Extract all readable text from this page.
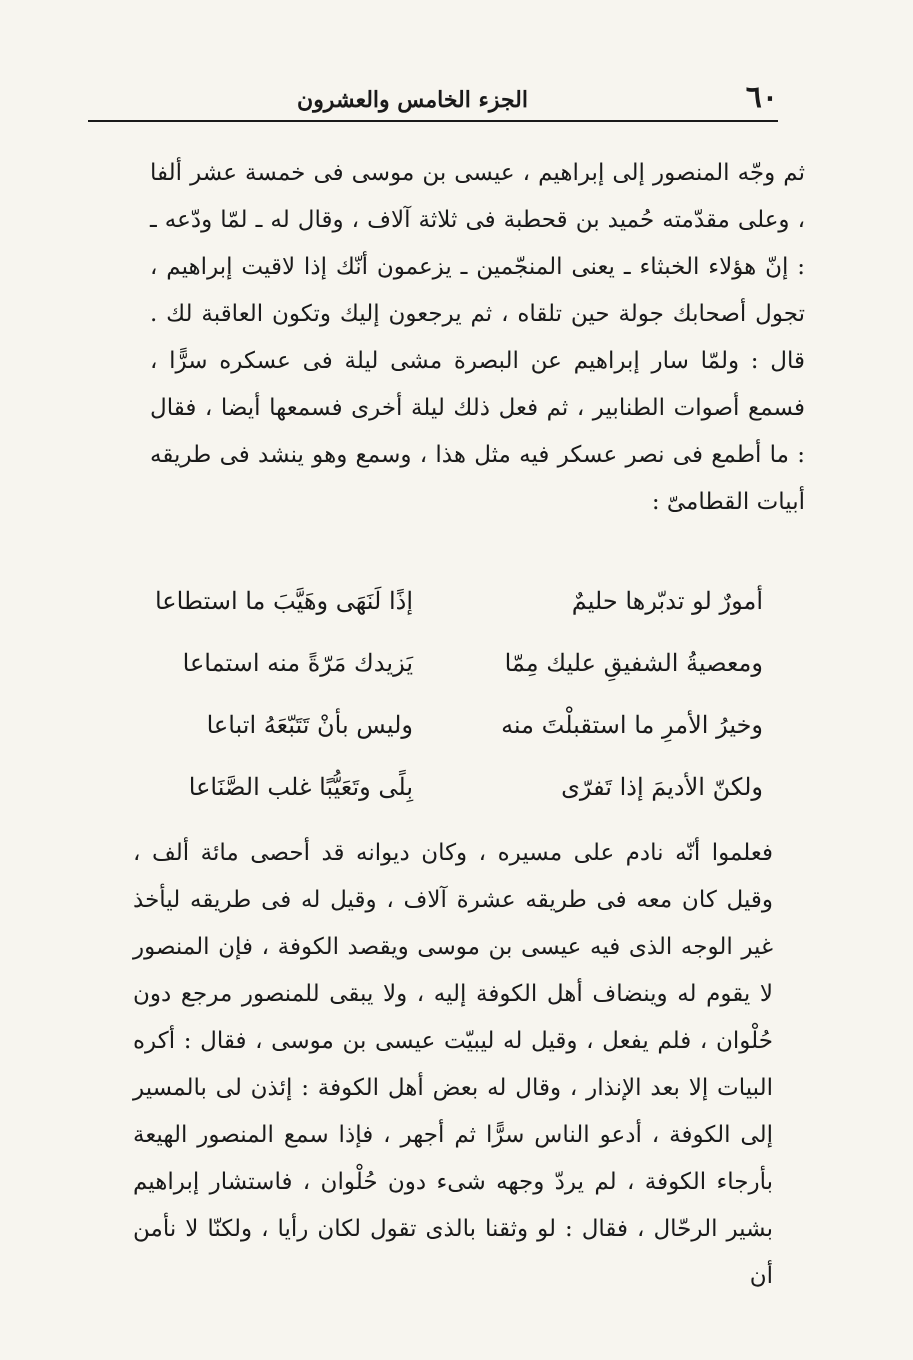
٦٠
الجزء الخامس والعشرون

ثم وجّه المنصور إلى إبراهيم ، عيسى بن موسى فى خمسة عشر ألفا ، وعلى مقدّمته حُميد بن قحطبة فى ثلاثة آلاف ، وقال له ـ لمّا ودّعه ـ : إنّ هؤلاء الخبثاء ـ يعنى المنجّمين ـ يزعمون أنّك إذا لاقيت إبراهيم ، تجول أصحابك جولة حين تلقاه ، ثم يرجعون إليك وتكون العاقبة لك . قال : ولمّا سار إبراهيم عن البصرة مشى ليلة فى عسكره سرًّا ، فسمع أصوات الطنابير ، ثم فعل ذلك ليلة أخرى فسمعها أيضا ، فقال : ما أطمع فى نصر عسكر فيه مثل هذا ، وسمع وهو ينشد فى طريقه أبيات القطامىّ :

أمورٌ لو تدبّرها حليمٌ
إذًا لَنَهَى وهَيَّبَ ما استطاعا
ومعصيةُ الشفيقِ عليك مِمّا
يَزيدك مَرّةً منه استماعا
وخيرُ الأمرِ ما استقبلْتَ منه
وليس بأنْ تَتَبّعَهُ اتباعا
ولكنّ الأديمَ إذا تَفرّى
بِلًى وتَعَيُّبًا غلب الصَّنَاعا

فعلموا أنّه نادم على مسيره ، وكان ديوانه قد أحصى مائة ألف ، وقيل كان معه فى طريقه عشرة آلاف ، وقيل له فى طريقه ليأخذ غير الوجه الذى فيه عيسى بن موسى ويقصد الكوفة ، فإن المنصور لا يقوم له وينضاف أهل الكوفة إليه ، ولا يبقى للمنصور مرجع دون حُلْوان ، فلم يفعل ، وقيل له ليبيّت عيسى بن موسى ، فقال : أكره البيات إلا بعد الإنذار ، وقال له بعض أهل الكوفة : إئذن لى بالمسير إلى الكوفة ، أدعو الناس سرًّا ثم أجهر ، فإذا سمع المنصور الهيعة بأرجاء الكوفة ، لم يردّ وجهه شىء دون حُلْوان ، فاستشار إبراهيم بشير الرحّال ، فقال : لو وثقنا بالذى تقول لكان رأيا ، ولكنّا لا نأمن أن
